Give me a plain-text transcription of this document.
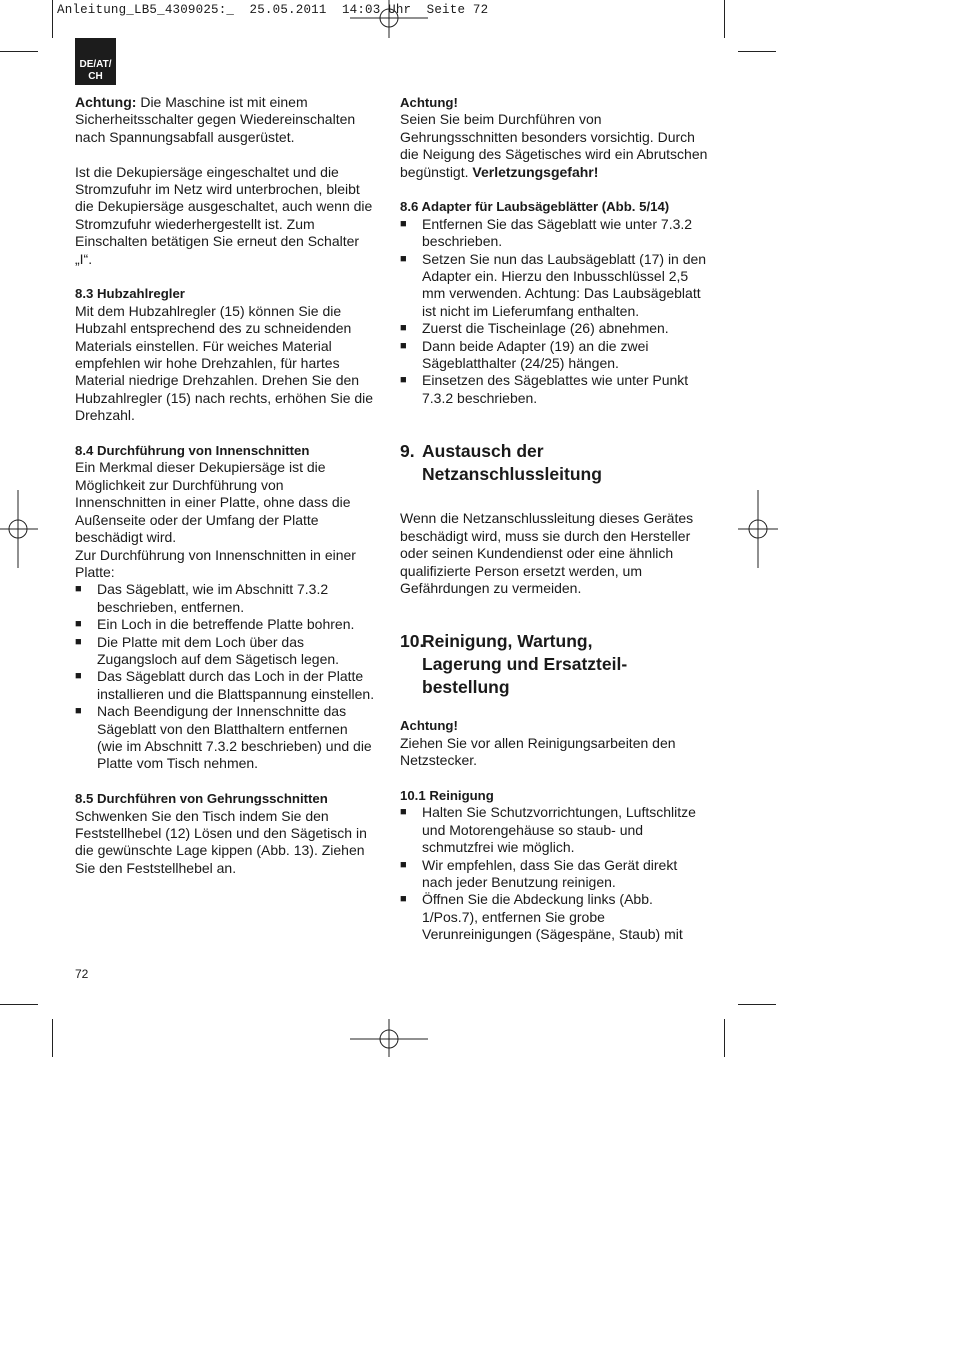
Anleitung_LB5_4309025:_  25.05.2011  14:03 Uhr  Seite 72
DE/AT/
CH

Achtung: Die Maschine ist mit einem Sicherheitsschalter gegen Wiedereinschalten nach Spannungsabfall ausgerüstet.

Ist die Dekupiersäge eingeschaltet und die Stromzufuhr im Netz wird unterbrochen, bleibt die Dekupiersäge ausgeschaltet, auch wenn die Stromzufuhr wiederhergestellt ist. Zum Einschalten betätigen Sie erneut den Schalter „I“.

8.3 Hubzahlregler

Mit dem Hubzahlregler (15) können Sie die Hubzahl entsprechend des zu schneidenden Materials einstellen. Für weiches Material empfehlen wir hohe Drehzahlen, für hartes Material niedrige Drehzahlen. Drehen Sie den Hubzahlregler (15) nach rechts, erhöhen Sie die Drehzahl.

8.4 Durchführung von Innenschnitten

Ein Merkmal dieser Dekupiersäge ist die Möglichkeit zur Durchführung von Innenschnitten in einer Platte, ohne dass die Außenseite oder der Umfang der Platte beschädigt wird.

Zur Durchführung von Innenschnitten in einer Platte:

■ Das Sägeblatt, wie im Abschnitt 7.3.2 beschrieben, entfernen.
■ Ein Loch in die betreffende Platte bohren.
■ Die Platte mit dem Loch über das Zugangsloch auf dem Sägetisch legen.
■ Das Sägeblatt durch das Loch in der Platte installieren und die Blattspannung einstellen.
■ Nach Beendigung der Innenschnitte das Sägeblatt von den Blatthaltern entfernen (wie im Abschnitt 7.3.2 beschrieben) und die Platte vom Tisch nehmen.

8.5 Durchführen von Gehrungsschnitten

Schwenken Sie den Tisch indem Sie den Feststellhebel (12) Lösen und den Sägetisch in die gewünschte Lage kippen (Abb. 13). Ziehen Sie den Feststellhebel an.

Achtung!

Seien Sie beim Durchführen von Gehrungsschnitten besonders vorsichtig. Durch die Neigung des Sägetisches wird ein Abrutschen begünstigt. Verletzungsgefahr!

8.6 Adapter für Laubsägeblätter (Abb. 5/14)

■ Entfernen Sie das Sägeblatt wie unter 7.3.2 beschrieben.
■ Setzen Sie nun das Laubsägeblatt (17) in den Adapter ein. Hierzu den Inbusschlüssel 2,5 mm verwenden. Achtung: Das Laubsägeblatt ist nicht im Lieferumfang enthalten.
■ Zuerst die Tischeinlage (26) abnehmen.
■ Dann beide Adapter (19) an die zwei Sägeblatthalter (24/25) hängen.
■ Einsetzen des Sägeblattes wie unter Punkt 7.3.2 beschrieben.
9. Austausch der
Netzanschlussleitung

Wenn die Netzanschlussleitung dieses Gerätes beschädigt wird, muss sie durch den Hersteller oder seinen Kundendienst oder eine ähnlich qualifizierte Person ersetzt werden, um Gefährdungen zu vermeiden.

10.Reinigung, Wartung,
Lagerung und Ersatzteil-
bestellung

Achtung!

Ziehen Sie vor allen Reinigungsarbeiten den Netzstecker.

10.1 Reinigung

■ Halten Sie Schutzvorrichtungen, Luftschlitze und Motorengehäuse so staub- und schmutzfrei wie möglich.
■ Wir empfehlen, dass Sie das Gerät direkt nach jeder Benutzung reinigen.
■ Öffnen Sie die Abdeckung links (Abb. 1/Pos.7), entfernen Sie grobe Verunreinigungen (Sägespäne, Staub) mit
72
